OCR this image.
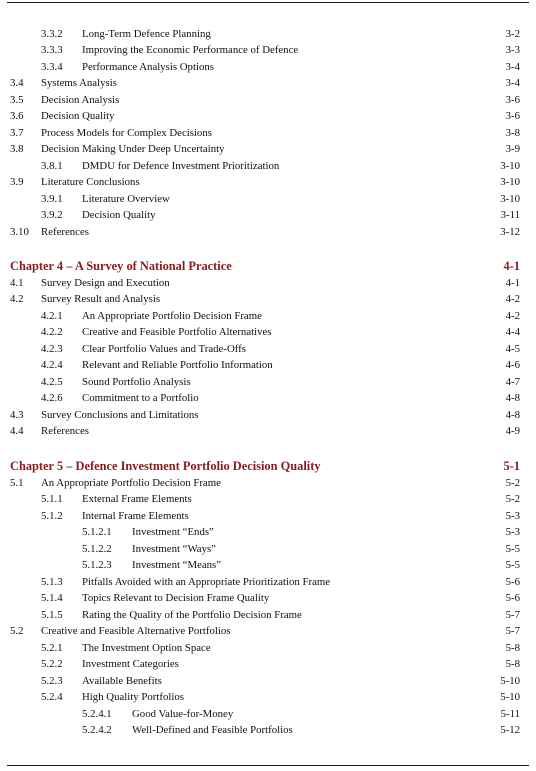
3.3.2 Long-Term Defence Planning	3-2
3.3.3 Improving the Economic Performance of Defence	3-3
3.3.4 Performance Analysis Options	3-4
3.4 Systems Analysis	3-4
3.5 Decision Analysis	3-6
3.6 Decision Quality	3-6
3.7 Process Models for Complex Decisions	3-8
3.8 Decision Making Under Deep Uncertainty	3-9
3.8.1 DMDU for Defence Investment Prioritization	3-10
3.9 Literature Conclusions	3-10
3.9.1 Literature Overview	3-10
3.9.2 Decision Quality	3-11
3.10 References	3-12
Chapter 4 – A Survey of National Practice	4-1
4.1 Survey Design and Execution	4-1
4.2 Survey Result and Analysis	4-2
4.2.1 An Appropriate Portfolio Decision Frame	4-2
4.2.2 Creative and Feasible Portfolio Alternatives	4-4
4.2.3 Clear Portfolio Values and Trade-Offs	4-5
4.2.4 Relevant and Reliable Portfolio Information	4-6
4.2.5 Sound Portfolio Analysis	4-7
4.2.6 Commitment to a Portfolio	4-8
4.3 Survey Conclusions and Limitations	4-8
4.4 References	4-9
Chapter 5 – Defence Investment Portfolio Decision Quality	5-1
5.1 An Appropriate Portfolio Decision Frame	5-2
5.1.1 External Frame Elements	5-2
5.1.2 Internal Frame Elements	5-3
5.1.2.1 Investment “Ends”	5-3
5.1.2.2 Investment “Ways”	5-5
5.1.2.3 Investment “Means”	5-5
5.1.3 Pitfalls Avoided with an Appropriate Prioritization Frame	5-6
5.1.4 Topics Relevant to Decision Frame Quality	5-6
5.1.5 Rating the Quality of the Portfolio Decision Frame	5-7
5.2 Creative and Feasible Alternative Portfolios	5-7
5.2.1 The Investment Option Space	5-8
5.2.2 Investment Categories	5-8
5.2.3 Available Benefits	5-10
5.2.4 High Quality Portfolios	5-10
5.2.4.1 Good Value-for-Money	5-11
5.2.4.2 Well-Defined and Feasible Portfolios	5-12
